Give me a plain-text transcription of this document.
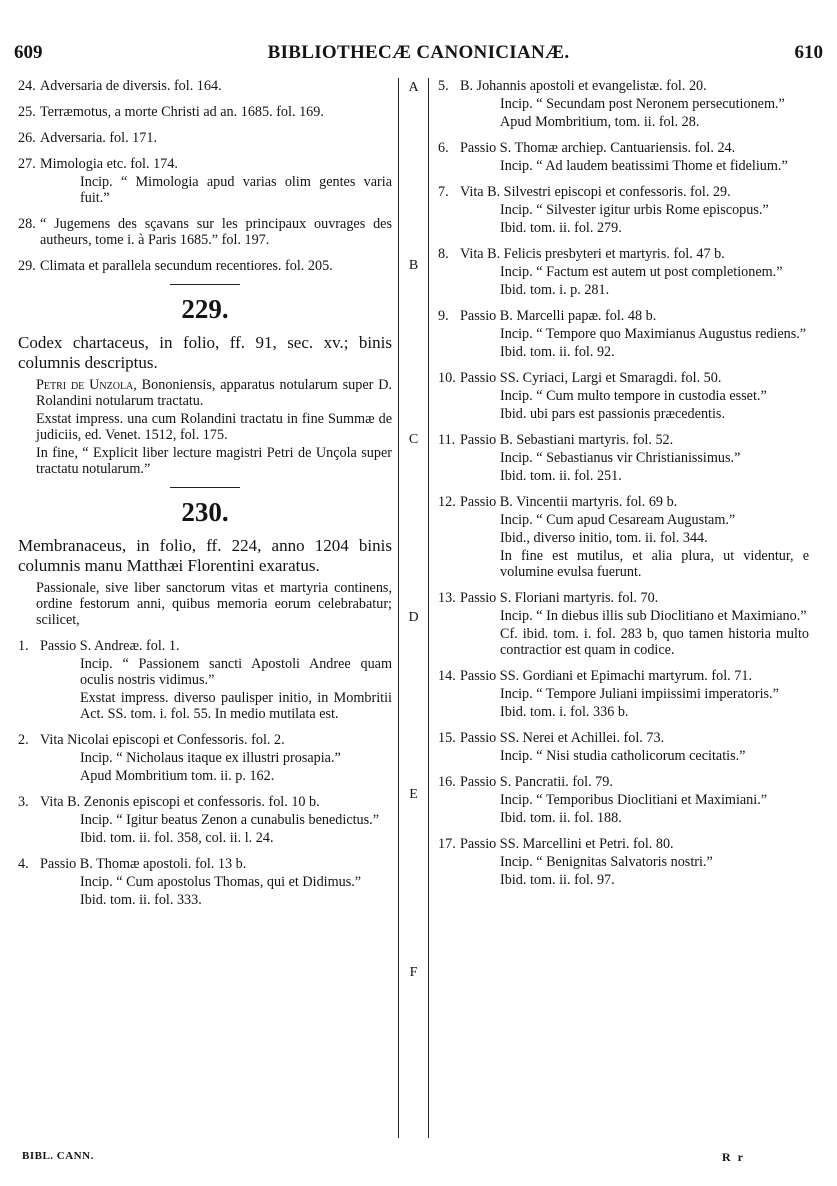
609	BIBLIOTHECÆ CANONICIANÆ.	610
A
B
C
D
E
F
24. Adversaria de diversis. fol. 164.
25. Terræmotus, a morte Christi ad an. 1685. fol. 169.
26. Adversaria. fol. 171.
27. Mimologia etc. fol. 174.
Incip. “ Mimologia apud varias olim gentes varia fuit.”
28. “ Jugemens des sçavans sur les principaux ouvrages des autheurs, tome i. à Paris 1685.” fol. 197.
29. Climata et parallela secundum recentiores. fol. 205.
229.
Codex chartaceus, in folio, ff. 91, sec. xv.; binis columnis descriptus.

Petri de Unzola, Bononiensis, apparatus notularum super D. Rolandini notularum tractatu.

Exstat impress. una cum Rolandini tractatu in fine Summæ de judiciis, ed. Venet. 1512, fol. 175.

In fine, “ Explicit liber lecture magistri Petri de Unçola super tractatu notularum.”

230.
Membranaceus, in folio, ff. 224, anno 1204 binis columnis manu Matthæi Florentini exaratus.
Passionale, sive liber sanctorum vitas et martyria continens, ordine festorum anni, quibus memoria eorum celebrabatur; scilicet,
1. Passio S. Andreæ. fol. 1.
Incip. “ Passionem sancti Apostoli Andree quam oculis nostris vidimus.”
Exstat impress. diverso paulisper initio, in Mombritii Act. SS. tom. i. fol. 55. In medio mutilata est.
2. Vita Nicolai episcopi et Confessoris. fol. 2.
Incip. “ Nicholaus itaque ex illustri prosapia.”
Apud Mombritium tom. ii. p. 162.
3. Vita B. Zenonis episcopi et confessoris. fol. 10 b.
Incip. “ Igitur beatus Zenon a cunabulis benedictus.”
Ibid. tom. ii. fol. 358, col. ii. l. 24.
4. Passio B. Thomæ apostoli. fol. 13 b.
Incip. “ Cum apostolus Thomas, qui et Didimus.”
Ibid. tom. ii. fol. 333.
5. B. Johannis apostoli et evangelistæ. fol. 20.
Incip. “ Secundam post Neronem persecutionem.”
Apud Mombritium, tom. ii. fol. 28.
6. Passio S. Thomæ archiep. Cantuariensis. fol. 24.
Incip. “ Ad laudem beatissimi Thome et fidelium.”
7. Vita B. Silvestri episcopi et confessoris. fol. 29.
Incip. “ Silvester igitur urbis Rome episcopus.”
Ibid. tom. ii. fol. 279.
8. Vita B. Felicis presbyteri et martyris. fol. 47 b.
Incip. “ Factum est autem ut post completionem.”
Ibid. tom. i. p. 281.
9. Passio B. Marcelli papæ. fol. 48 b.
Incip. “ Tempore quo Maximianus Augustus rediens.”
Ibid. tom. ii. fol. 92.
10. Passio SS. Cyriaci, Largi et Smaragdi. fol. 50.
Incip. “ Cum multo tempore in custodia esset.”
Ibid. ubi pars est passionis præcedentis.
11. Passio B. Sebastiani martyris. fol. 52.
Incip. “ Sebastianus vir Christianissimus.”
Ibid. tom. ii. fol. 251.
12. Passio B. Vincentii martyris. fol. 69 b.
Incip. “ Cum apud Cesaream Augustam.”
Ibid., diverso initio, tom. ii. fol. 344.
In fine est mutilus, et alia plura, ut videntur, e volumine evulsa fuerunt.
13. Passio S. Floriani martyris. fol. 70.
Incip. “ In diebus illis sub Dioclitiano et Maximiano.”
Cf. ibid. tom. i. fol. 283 b, quo tamen historia multo contractior est quam in codice.
14. Passio SS. Gordiani et Epimachi martyrum. fol. 71.
Incip. “ Tempore Juliani impiissimi imperatoris.”
Ibid. tom. i. fol. 336 b.
15. Passio SS. Nerei et Achillei. fol. 73.
Incip. “ Nisi studia catholicorum cecitatis.”
16. Passio S. Pancratii. fol. 79.
Incip. “ Temporibus Dioclitiani et Maximiani.”
Ibid. tom. ii. fol. 188.
17. Passio SS. Marcellini et Petri. fol. 80.
Incip. “ Benignitas Salvatoris nostri.”
Ibid. tom. ii. fol. 97.
BIBL. CANN.	R r
